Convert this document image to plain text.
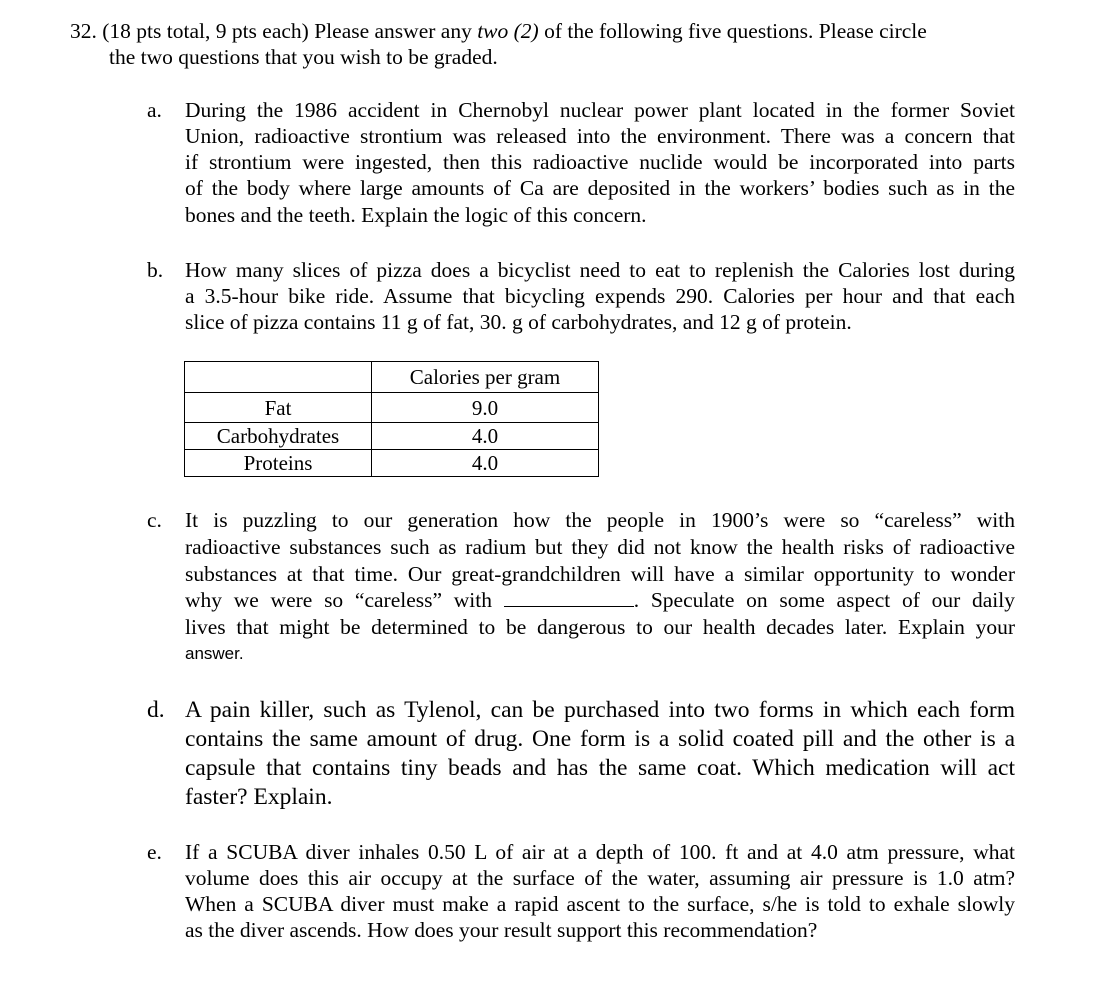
32. (18 pts total, 9 pts each) Please answer any two (2) of the following five questions. Please circle
the two questions that you wish to be graded.
a. During the 1986 accident in Chernobyl nuclear power plant located in the former Soviet
Union, radioactive strontium was released into the environment. There was a concern that
if strontium were ingested, then this radioactive nuclide would be incorporated into parts
of the body where large amounts of Ca are deposited in the workers’ bodies such as in the
bones and the teeth. Explain the logic of this concern.
b. How many slices of pizza does a bicyclist need to eat to replenish the Calories lost during
a 3.5-hour bike ride. Assume that bicycling expends 290. Calories per hour and that each
slice of pizza contains 11 g of fat, 30. g of carbohydrates, and 12 g of protein.
	Calories per gram
Fat	9.0
Carbohydrates	4.0
Proteins	4.0
c. It is puzzling to our generation how the people in 1900’s were so “careless” with
radioactive substances such as radium but they did not know the health risks of radioactive
substances at that time. Our great-grandchildren will have a similar opportunity to wonder
why we were so “careless” with	. Speculate on some aspect of our daily
lives that might be determined to be dangerous to our health decades later. Explain your
answer.
d. A pain killer, such as Tylenol, can be purchased into two forms in which each form
contains the same amount of drug. One form is a solid coated pill and the other is a
capsule that contains tiny beads and has the same coat. Which medication will act
faster? Explain.
e. If a SCUBA diver inhales 0.50 L of air at a depth of 100. ft and at 4.0 atm pressure, what
volume does this air occupy at the surface of the water, assuming air pressure is 1.0 atm?
When a SCUBA diver must make a rapid ascent to the surface, s/he is told to exhale slowly
as the diver ascends. How does your result support this recommendation?
